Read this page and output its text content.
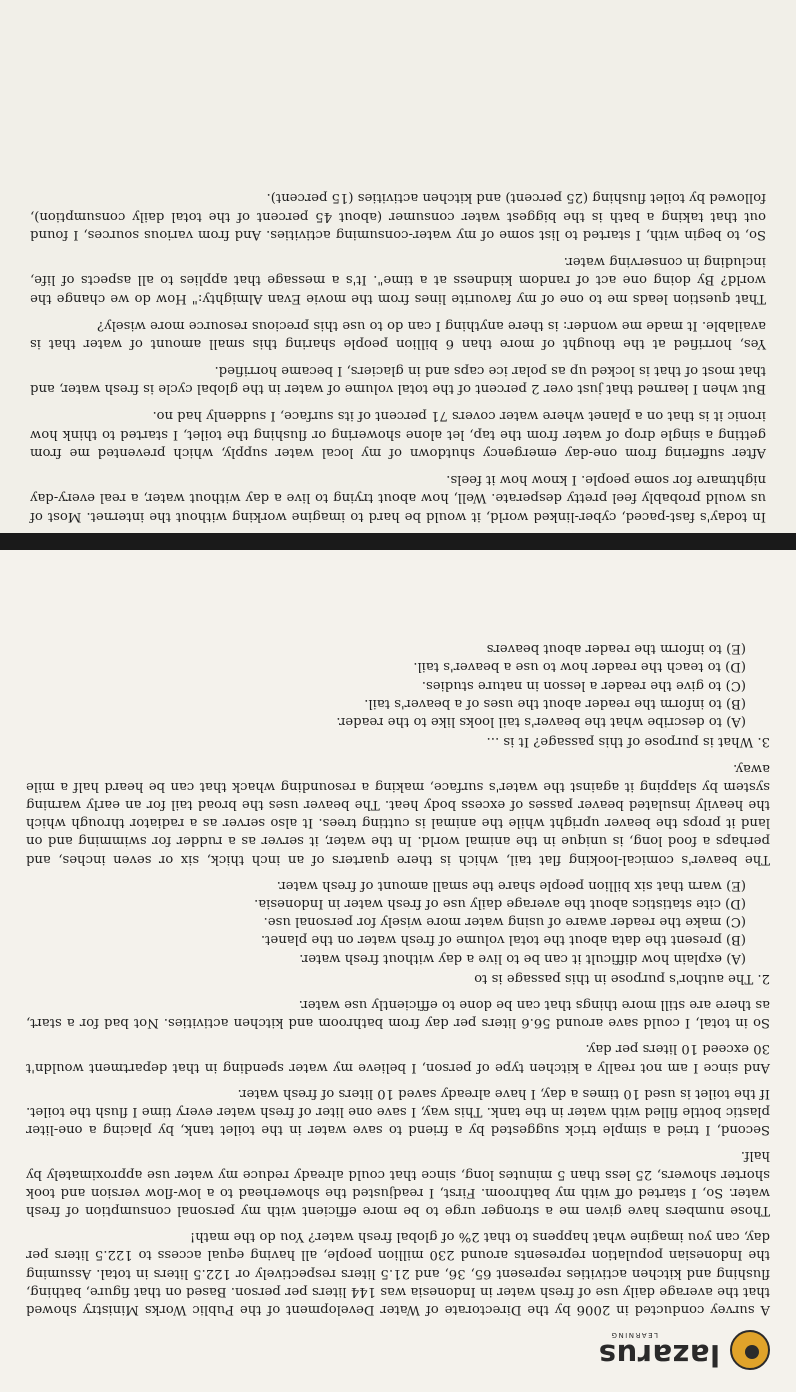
lazarus
LEARNING

A survey conducted in 2006 by the Directorate of Water Development of the Public Works Ministry showed that the average daily use of fresh water in Indonesia was 144 liters per person. Based on that figure, bathing, flushing and kitchen activities represent 65, 36, and 21.5 liters respectively or 122.5 liters in total. Assuming the Indonesian population represents around 230 million people, all having equal access to 122.5 liters per day, can you imagine what happens to that 2% of global fresh water? You do the math!

Those numbers have given me a stronger urge to be more efficient with my personal consumption of fresh water. So, I started off with my bathroom. First, I readjusted the showerhead to a low-flow version and took shorter showers, 25 less than 5 minutes long, since that could already reduce my water use approximately by half.

Second, I tried a simple trick suggested by a friend to save water in the toilet tank, by placing a one-liter plastic bottle filled with water in the tank. This way, I save one liter of fresh water every time I flush the toilet. If the toilet is used 10 times a day, I have already saved 10 liters of fresh water.

And since I am not really a kitchen type of person, I believe my water spending in that department wouldn't 30 exceed 10 liters per day.

So in total, I could save around 56.6 liters per day from bathroom and kitchen activities. Not bad for a start, as there are still more things that can be done to efficiently use water.

2. The author's purpose in this passage is to

(A) explain how difficult it can be to live a day without fresh water.

(B) present the data about the total volume of fresh water on the planet.

(C) make the reader aware of using water more wisely for personal use.

(D) cite statistics about the average daily use of fresh water in Indonesia.

(E) warn that six billion people share the small amount of fresh water.

The beaver's comical-looking flat tail, which is there quarters of an inch thick, six or seven inches, and perhaps a food long, is unique in the animal world. In the water, it server as a rudder for swimming and on land it props the beaver upright while the animal is cutting trees. It also server as a radiator through which the heavily insulated beaver passes of excess body heat. The beaver uses the broad tail for an early warning system by slapping it against the water's surface, making a resounding whack that can be heard half a mile away.

3. What is purpose of this passage? It is ...

(A) to describe what the beaver's tail looks like to the reader.

(B) to inform the reader about the uses of a beaver's tail.

(C) to give the reader a lesson in nature studies.

(D) to teach the reader how to use a beaver's tail.

(E) to inform the reader about beavers

In today's fast-paced, cyber-linked world, it would be hard to imagine working without the internet. Most of us would probably feel pretty desperate. Well, how about trying to live a day without water, a real every-day nightmare for some people. I know how it feels.

After suffering from one-day emergency shutdown of my local water supply, which prevented me from getting a single drop of water from the tap, let alone showering or flushing the toilet, I started to think how ironic it is that on a planet where water covers 71 percent of its surface, I suddenly had no.

But when I learned that just over 2 percent of the total volume of water in the global cycle is fresh water, and that most of that is locked up as polar ice caps and in glaciers, I became horrified.

Yes, horrified at the thought of more than 6 billion people sharing this small amount of water that is available. It made me wonder: is there anything I can do to use this precious resource more wisely?

That question leads me to one of my favourite lines from the movie Evan Almighty:" How do we change the world? By doing one act of random kindness at a time". It's a message that applies to all aspects of life, including in conserving water.

So, to begin with, I started to list some of my water-consuming activities. And from various sources, I found out that taking a bath is the biggest water consumer (about 45 percent of the total daily consumption), followed by toilet flushing (25 percent) and kitchen activities (15 percent).
